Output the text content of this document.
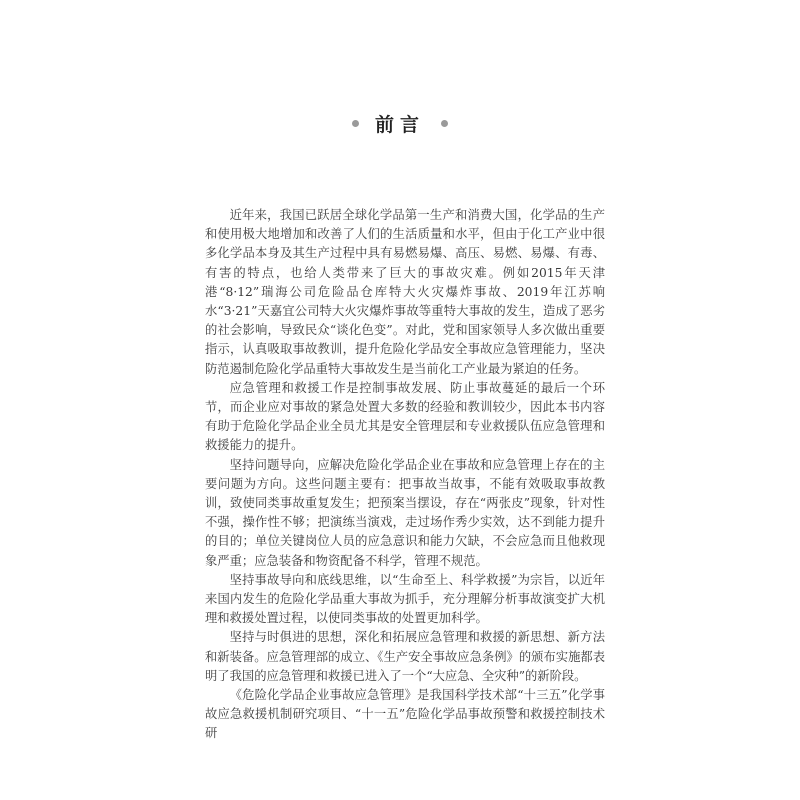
前言

近年来，我国已跃居全球化学品第一生产和消费大国，化学品的生产和使用极大地增加和改善了人们的生活质量和水平，但由于化工产业中很多化学品本身及其生产过程中具有易燃易爆、高压、易燃、易爆、有毒、有害的特点，也给人类带来了巨大的事故灾难。例如2015年天津港“8·12”瑞海公司危险品仓库特大火灾爆炸事故、2019年江苏响水“3·21”天嘉宜公司特大火灾爆炸事故等重特大事故的发生，造成了恶劣的社会影响，导致民众“谈化色变”。对此，党和国家领导人多次做出重要指示，认真吸取事故教训，提升危险化学品安全事故应急管理能力，坚决防范遏制危险化学品重特大事故发生是当前化工产业最为紧迫的任务。

应急管理和救援工作是控制事故发展、防止事故蔓延的最后一个环节，而企业应对事故的紧急处置大多数的经验和教训较少，因此本书内容有助于危险化学品企业全员尤其是安全管理层和专业救援队伍应急管理和救援能力的提升。

坚持问题导向，应解决危险化学品企业在事故和应急管理上存在的主要问题为方向。这些问题主要有：把事故当故事，不能有效吸取事故教训，致使同类事故重复发生；把预案当摆设，存在“两张皮”现象，针对性不强，操作性不够；把演练当演戏，走过场作秀少实效，达不到能力提升的目的；单位关键岗位人员的应急意识和能力欠缺，不会应急而且他救现象严重；应急装备和物资配备不科学，管理不规范。

坚持事故导向和底线思维，以“生命至上、科学救援”为宗旨，以近年来国内发生的危险化学品重大事故为抓手，充分理解分析事故演变扩大机理和救援处置过程，以使同类事故的处置更加科学。

坚持与时俱进的思想，深化和拓展应急管理和救援的新思想、新方法和新装备。应急管理部的成立、《生产安全事故应急条例》的颁布实施都表明了我国的应急管理和救援已进入了一个“大应急、全灾种”的新阶段。

《危险化学品企业事故应急管理》是我国科学技术部“十三五”化学事故应急救援机制研究项目、“十一五”危险化学品事故预警和救援控制技术研
